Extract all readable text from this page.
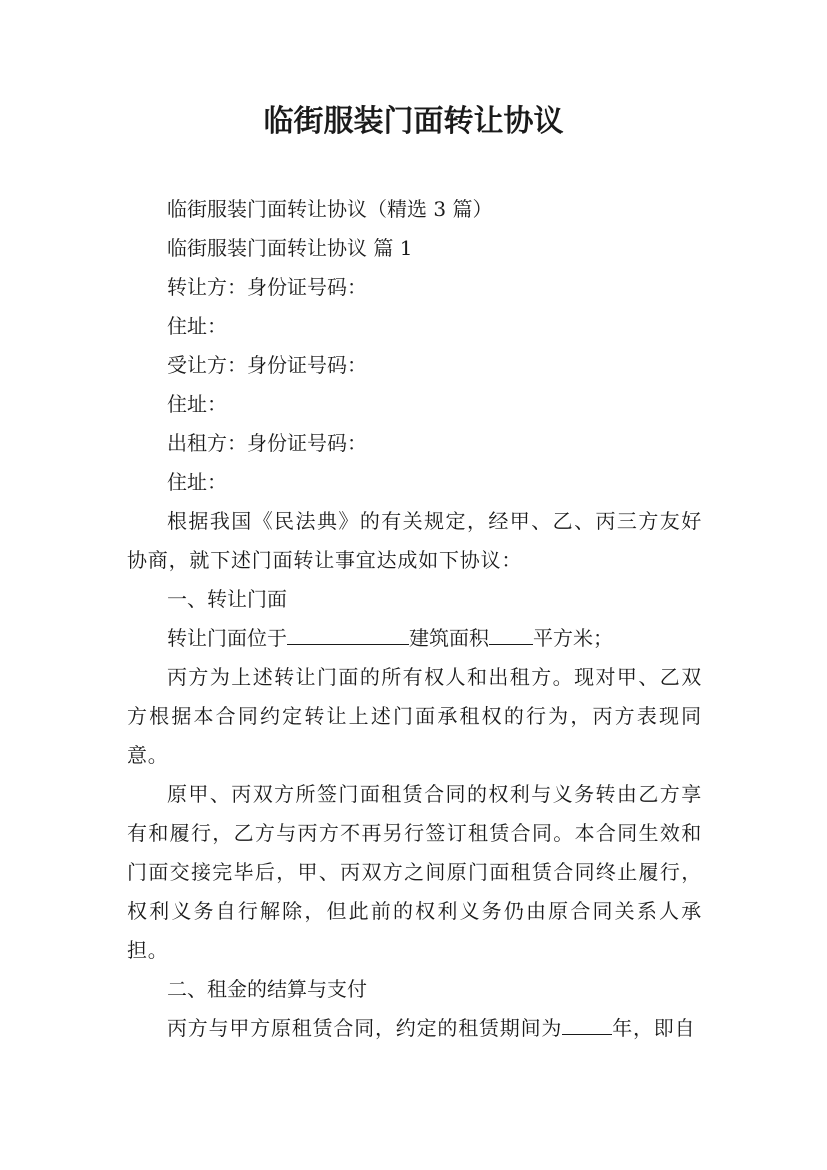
临街服装门面转让协议

临街服装门面转让协议（精选 3 篇）

临街服装门面转让协议 篇 1

转让方：身份证号码：

住址：

受让方：身份证号码：

住址：

出租方：身份证号码：

住址：

根据我国《民法典》的有关规定，经甲、乙、丙三方友好协商，就下述门面转让事宜达成如下协议：

一、转让门面

转让门面位于	建筑面积 平方米；

丙方为上述转让门面的所有权人和出租方。现对甲、乙双方根据本合同约定转让上述门面承租权的行为，丙方表现同意。

原甲、丙双方所签门面租赁合同的权利与义务转由乙方享有和履行，乙方与丙方不再另行签订租赁合同。本合同生效和门面交接完毕后，甲、丙双方之间原门面租赁合同终止履行，权利义务自行解除，但此前的权利义务仍由原合同关系人承担。

二、租金的结算与支付

丙方与甲方原租赁合同，约定的租赁期间为	年，即自
